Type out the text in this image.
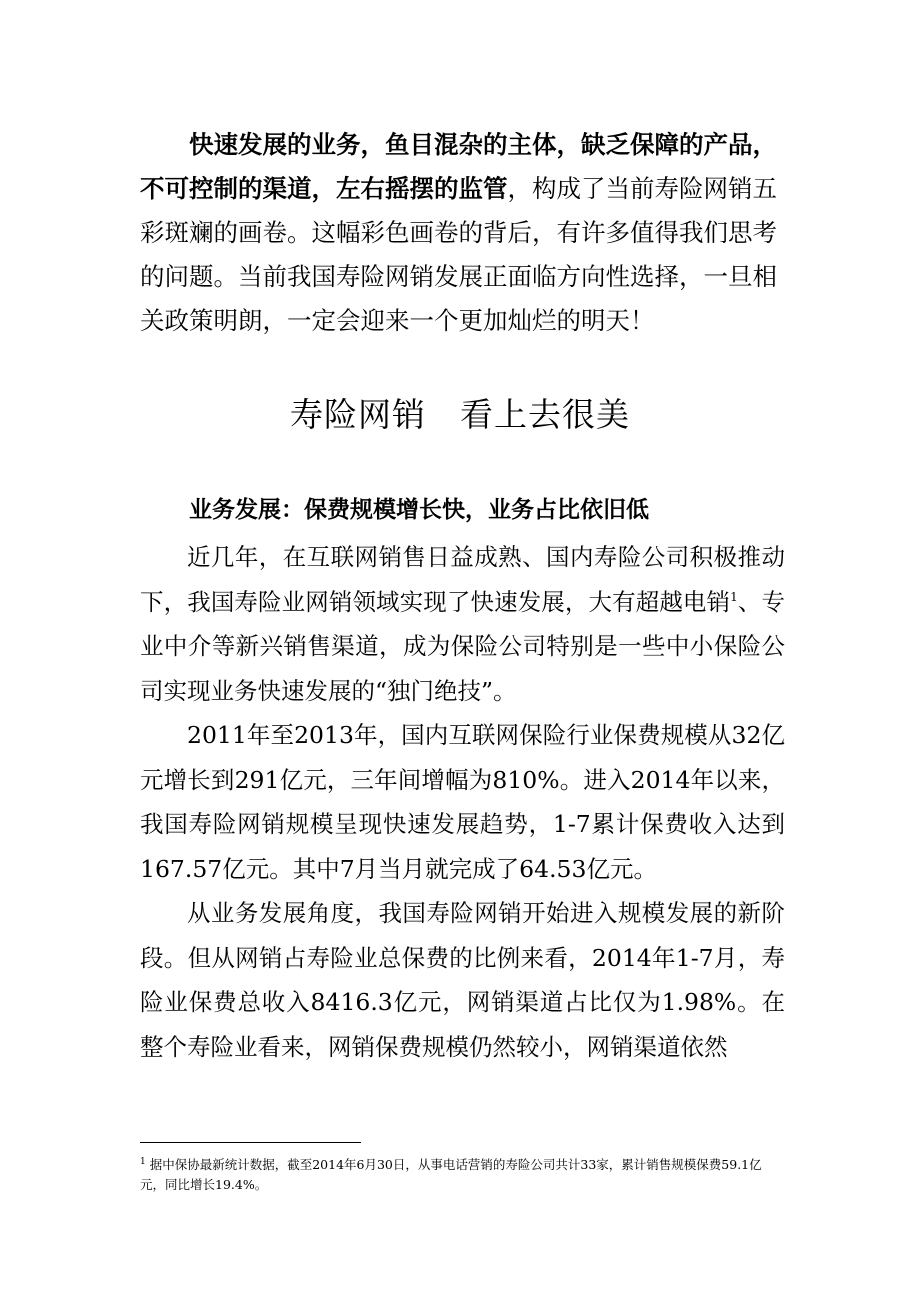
快速发展的业务，鱼目混杂的主体，缺乏保障的产品，不可控制的渠道，左右摇摆的监管，构成了当前寿险网销五彩斑斓的画卷。这幅彩色画卷的背后，有许多值得我们思考的问题。当前我国寿险网销发展正面临方向性选择，一旦相关政策明朗，一定会迎来一个更加灿烂的明天！

寿险网销　看上去很美
业务发展：保费规模增长快，业务占比依旧低

近几年，在互联网销售日益成熟、国内寿险公司积极推动下，我国寿险业网销领域实现了快速发展，大有超越电销$^1$、专业中介等新兴销售渠道，成为保险公司特别是一些中小保险公司实现业务快速发展的“独门绝技”。

2011年至2013年，国内互联网保险行业保费规模从32亿元增长到291亿元，三年间增幅为810%。进入2014年以来，我国寿险网销规模呈现快速发展趋势，1-7累计保费收入达到 167.57亿元。其中7月当月就完成了64.53亿元。

从业务发展角度，我国寿险网销开始进入规模发展的新阶段。但从网销占寿险业总保费的比例来看，2014年1-7月，寿险业保费总收入8416.3亿元，网销渠道占比仅为1.98%。在整个寿险业看来，网销保费规模仍然较小，网销渠道依然

$^1$ 据中保协最新统计数据，截至2014年6月30日，从事电话营销的寿险公司共计33家，累计销售规模保费59.1亿元，同比增长19.4%。
